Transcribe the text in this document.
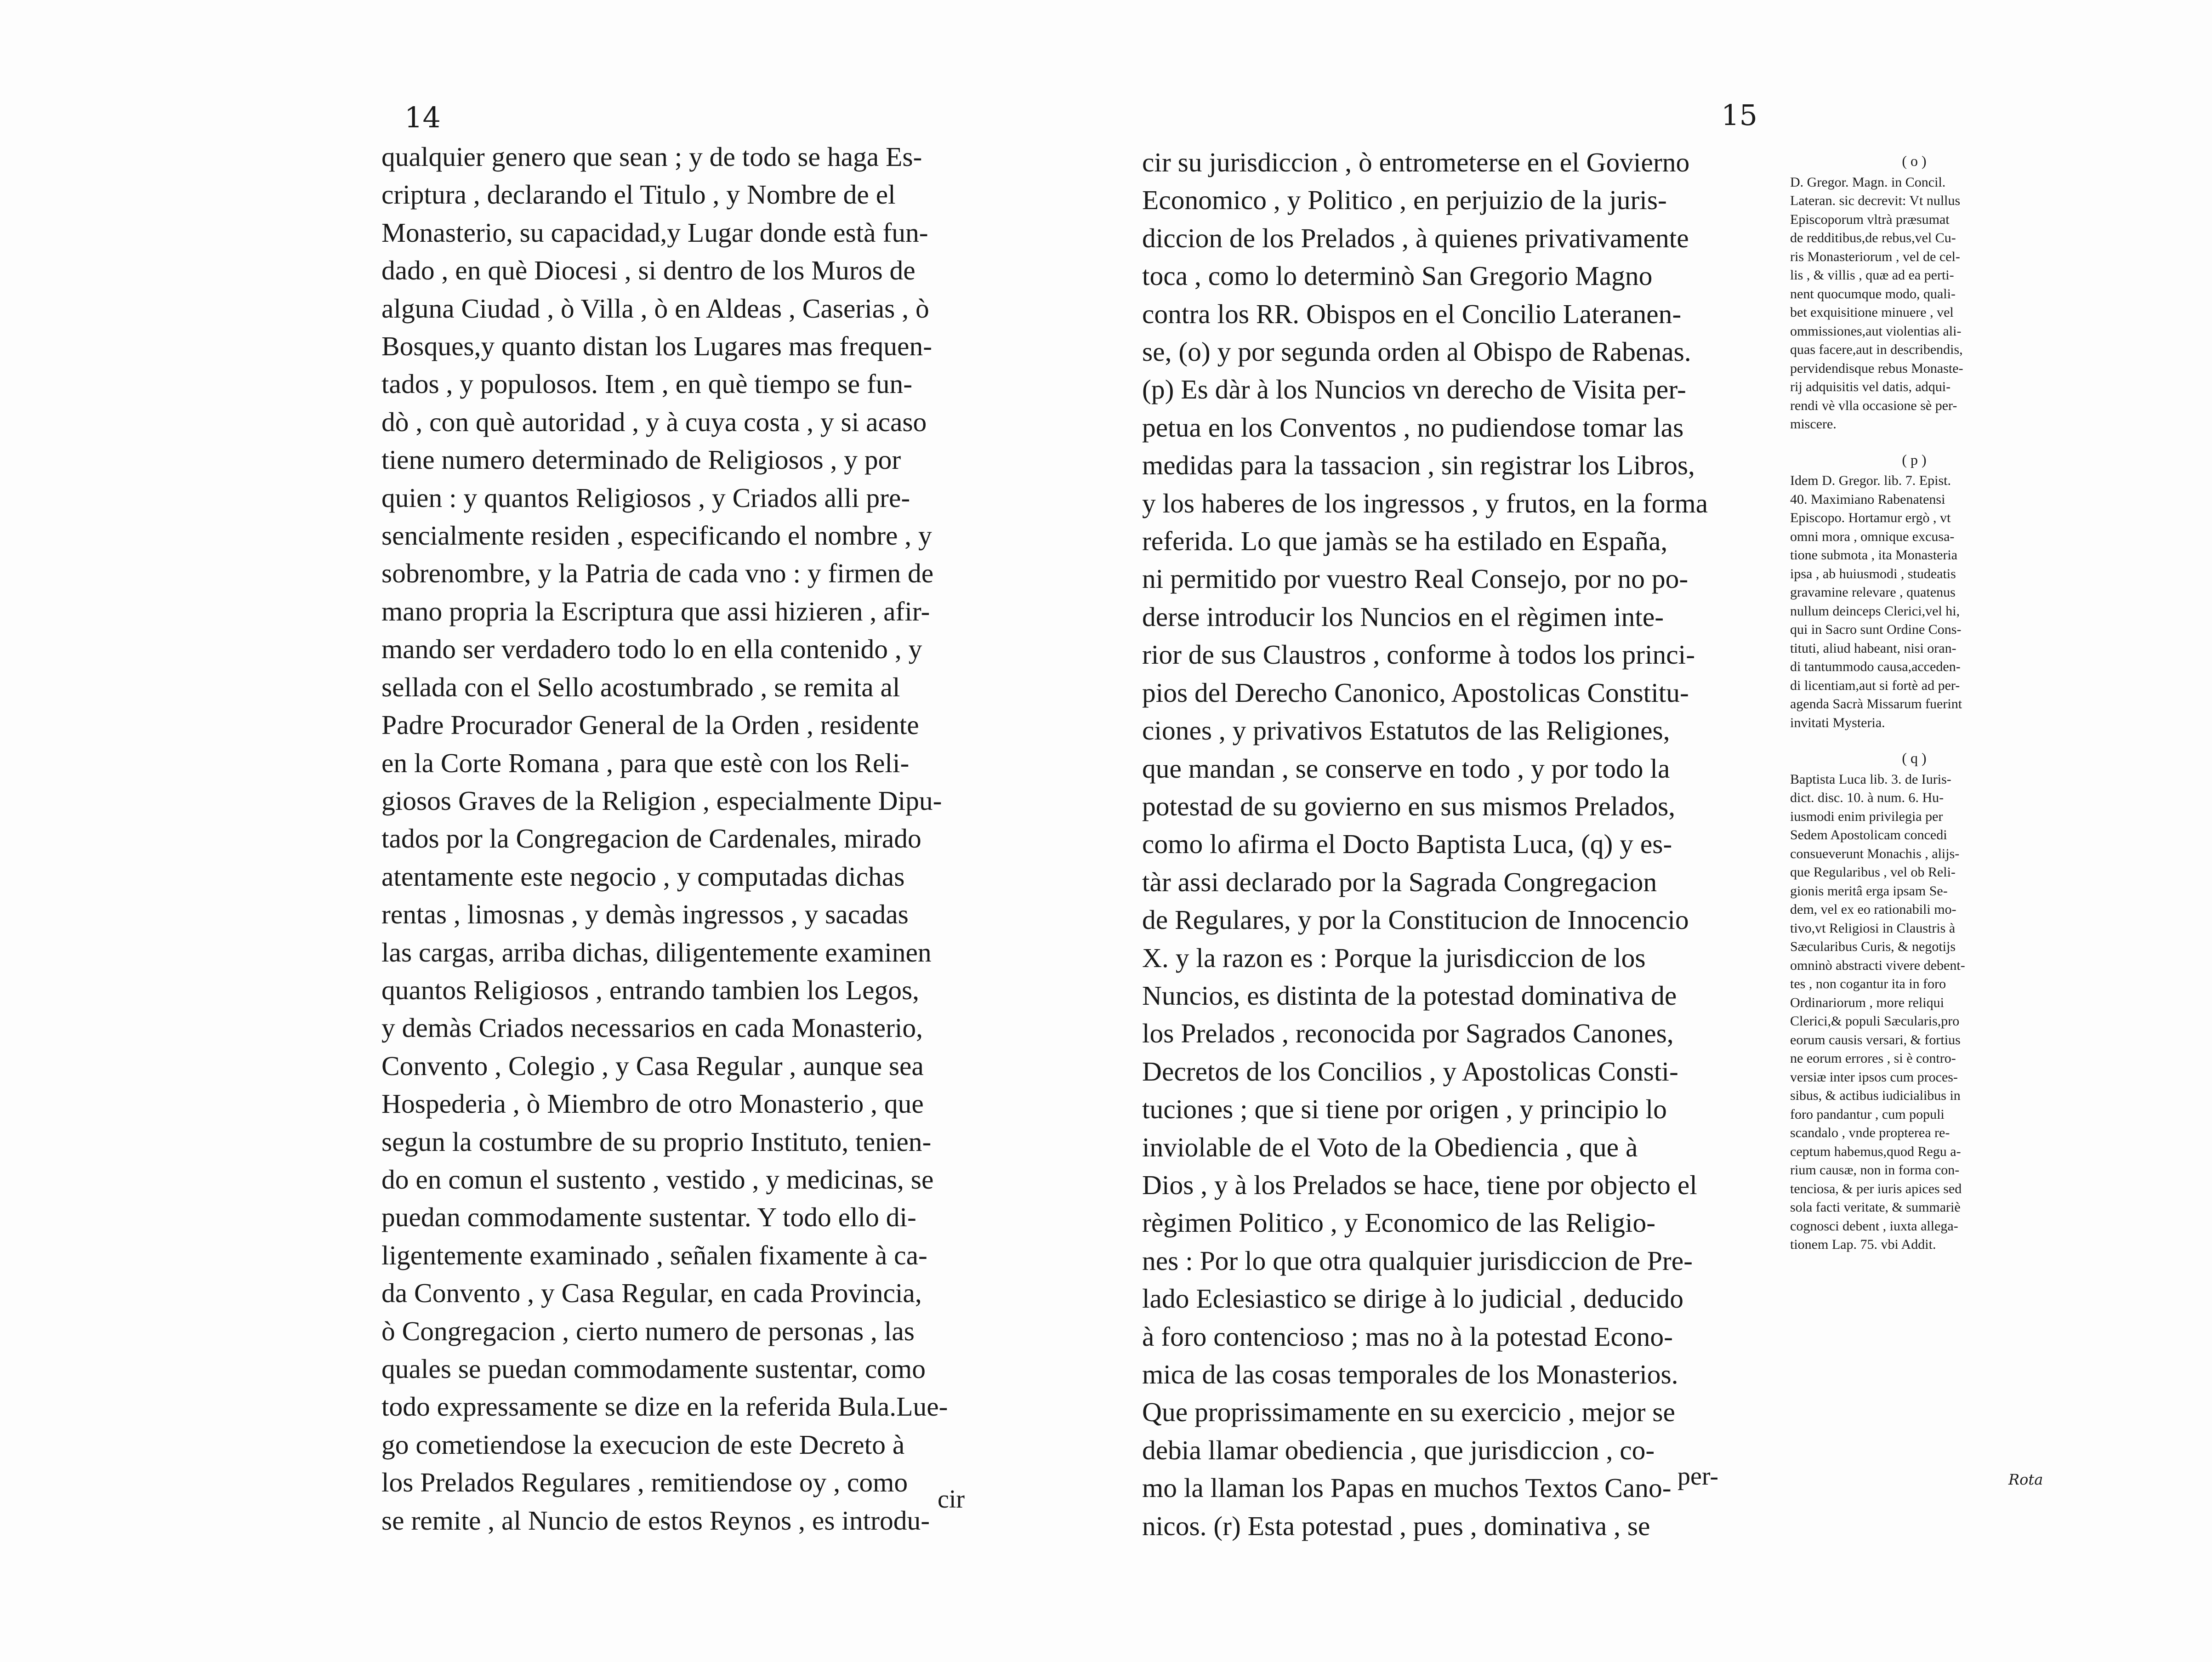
14
qualquier genero que sean ; y de todo se haga Es-
criptura , declarando el Titulo , y Nombre de el
Monasterio, su capacidad,y Lugar donde està fun-
dado , en què Diocesi , si dentro de los Muros de
alguna Ciudad , ò Villa , ò en Aldeas , Caserias , ò
Bosques,y quanto distan los Lugares mas frequen-
tados , y populosos. Item , en què tiempo se fun-
dò , con què autoridad , y à cuya costa , y si acaso
tiene numero determinado de Religiosos , y por
quien : y quantos Religiosos , y Criados alli pre-
sencialmente residen , especificando el nombre , y
sobrenombre, y la Patria de cada vno : y firmen de
mano propria la Escriptura que assi hizieren , afir-
mando ser verdadero todo lo en ella contenido , y
sellada con el Sello acostumbrado , se remita al
Padre Procurador General de la Orden , residente
en la Corte Romana , para que estè con los Reli-
giosos Graves de la Religion , especialmente Dipu-
tados por la Congregacion de Cardenales, mirado
atentamente este negocio , y computadas dichas
rentas , limosnas , y demàs ingressos , y sacadas
las cargas, arriba dichas, diligentemente examinen
quantos Religiosos , entrando tambien los Legos,
y demàs Criados necessarios en cada Monasterio,
Convento , Colegio , y Casa Regular , aunque sea
Hospederia , ò Miembro de otro Monasterio , que
segun la costumbre de su proprio Instituto, tenien-
do en comun el sustento , vestido , y medicinas, se
puedan commodamente sustentar. Y todo ello di-
ligentemente examinado , señalen fixamente à ca-
da Convento , y Casa Regular, en cada Provincia,
ò Congregacion , cierto numero de personas , las
quales se puedan commodamente sustentar, como
todo expressamente se dize en la referida Bula.Lue-
go cometiendose la execucion de este Decreto à
los Prelados Regulares , remitiendose oy , como
se remite , al Nuncio de estos Reynos , es introdu-
cir
15
cir su jurisdiccion , ò entrometerse en el Govierno
Economico , y Politico , en perjuizio de la juris-
diccion de los Prelados , à quienes privativamente
toca , como lo determinò San Gregorio Magno
contra los RR. Obispos en el Concilio Lateranen-
se, (o) y por segunda orden al Obispo de Rabenas.
(p) Es dàr à los Nuncios vn derecho de Visita per-
petua en los Conventos , no pudiendose tomar las
medidas para la tassacion , sin registrar los Libros,
y los haberes de los ingressos , y frutos, en la forma
referida. Lo que jamàs se ha estilado en España,
ni permitido por vuestro Real Consejo, por no po-
derse introducir los Nuncios en el règimen inte-
rior de sus Claustros , conforme à todos los princi-
pios del Derecho Canonico, Apostolicas Constitu-
ciones , y privativos Estatutos de las Religiones,
que mandan , se conserve en todo , y por todo la
potestad de su govierno en sus mismos Prelados,
como lo afirma el Docto Baptista Luca, (q) y es-
tàr assi declarado por la Sagrada Congregacion
de Regulares, y por la Constitucion de Innocencio
X. y la razon es : Porque la jurisdiccion de los
Nuncios, es distinta de la potestad dominativa de
los Prelados , reconocida por Sagrados Canones,
Decretos de los Concilios , y Apostolicas Consti-
tuciones ; que si tiene por origen , y principio lo
inviolable de el Voto de la Obediencia , que à
Dios , y à los Prelados se hace, tiene por objecto el
règimen Politico , y Economico de las Religio-
nes : Por lo que otra qualquier jurisdiccion de Pre-
lado Eclesiastico se dirige à lo judicial , deducido
à foro contencioso ; mas no à la potestad Econo-
mica de las cosas temporales de los Monasterios.
Que proprissimamente en su exercicio , mejor se
debia llamar obediencia , que jurisdiccion , co-
mo la llaman los Papas en muchos Textos Cano-
nicos. (r) Esta potestad , pues , dominativa , se
per-
( o )
D. Gregor. Magn. in Concil.
Lateran. sic decrevit: Vt nullus
Episcoporum vltrà præsumat
de redditibus,de rebus,vel Cu-
ris Monasteriorum , vel de cel-
lis , & villis , quæ ad ea perti-
nent quocumque modo, quali-
bet exquisitione minuere , vel
ommissiones,aut violentias ali-
quas facere,aut in describendis,
pervidendisque rebus Monaste-
rij adquisitis vel datis, adqui-
rendi vè vlla occasione sè per-
miscere.
( p )
Idem D. Gregor. lib. 7. Epist.
40. Maximiano Rabenatensi
Episcopo. Hortamur ergò , vt
omni mora , omnique excusa-
tione submota , ita Monasteria
ipsa , ab huiusmodi , studeatis
gravamine relevare , quatenus
nullum deinceps Clerici,vel hi,
qui in Sacro sunt Ordine Cons-
tituti, aliud habeant, nisi oran-
di tantummodo causa,acceden-
di licentiam,aut si fortè ad per-
agenda Sacrà Missarum fuerint
invitati Mysteria.
( q )
Baptista Luca lib. 3. de Iuris-
dict. disc. 10. à num. 6. Hu-
iusmodi enim privilegia per
Sedem Apostolicam concedi
consueverunt Monachis , alijs-
que Regularibus , vel ob Reli-
gionis meritâ erga ipsam Se-
dem, vel ex eo rationabili mo-
tivo,vt Religiosi in Claustris à
Sæcularibus Curis, & negotijs
omninò abstracti vivere debent-
tes , non cogantur ita in foro
Ordinariorum , more reliqui
Clerici,& populi Sæcularis,pro
eorum causis versari, & fortius
ne eorum errores , si è contro-
versiæ inter ipsos cum proces-
sibus, & actibus iudicialibus in
foro pandantur , cum populi
scandalo , vnde propterea re-
ceptum habemus,quod Regu a-
rium causæ, non in forma con-
tenciosa, & per iuris apices sed
sola facti veritate, & summariè
cognosci debent , iuxta allega-
tionem Lap. 75. vbi Addit.
Rota
